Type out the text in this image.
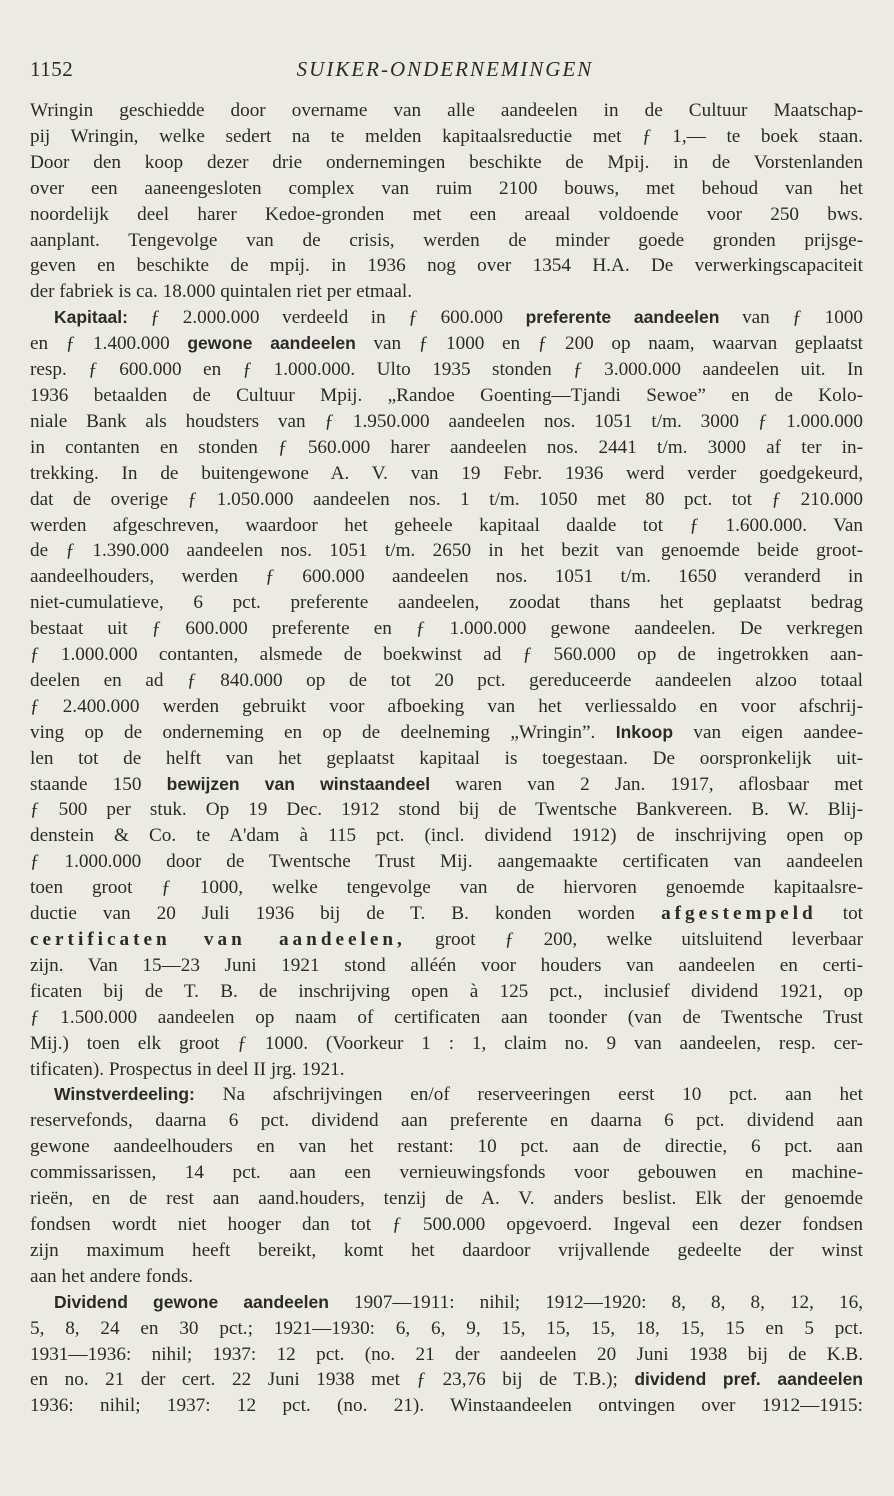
1152	SUIKER-ONDERNEMINGEN
Wringin geschiedde door overname van alle aandeelen in de Cultuur Maatschap-
pij Wringin, welke sedert na te melden kapitaalsreductie met ƒ 1,— te boek staan.
Door den koop dezer drie ondernemingen beschikte de Mpij. in de Vorstenlanden
over een aaneengesloten complex van ruim 2100 bouws, met behoud van het
noordelijk deel harer Kedoe-gronden met een areaal voldoende voor 250 bws.
aanplant. Tengevolge van de crisis, werden de minder goede gronden prijsge-
geven en beschikte de mpij. in 1936 nog over 1354 H.A. De verwerkingscapaciteit
der fabriek is ca. 18.000 quintalen riet per etmaal.
Kapitaal: ƒ 2.000.000 verdeeld in ƒ 600.000 preferente aandeelen van ƒ 1000
en ƒ 1.400.000 gewone aandeelen van ƒ 1000 en ƒ 200 op naam, waarvan geplaatst
resp. ƒ 600.000 en ƒ 1.000.000. Ulto 1935 stonden ƒ 3.000.000 aandeelen uit. In
1936 betaalden de Cultuur Mpij. „Randoe Goenting—Tjandi Sewoe” en de Kolo-
niale Bank als houdsters van ƒ 1.950.000 aandeelen nos. 1051 t/m. 3000 ƒ 1.000.000
in contanten en stonden ƒ 560.000 harer aandeelen nos. 2441 t/m. 3000 af ter in-
trekking. In de buitengewone A. V. van 19 Febr. 1936 werd verder goedgekeurd,
dat de overige ƒ 1.050.000 aandeelen nos. 1 t/m. 1050 met 80 pct. tot ƒ 210.000
werden afgeschreven, waardoor het geheele kapitaal daalde tot ƒ 1.600.000. Van
de ƒ 1.390.000 aandeelen nos. 1051 t/m. 2650 in het bezit van genoemde beide groot-
aandeelhouders, werden ƒ 600.000 aandeelen nos. 1051 t/m. 1650 veranderd in
niet-cumulatieve, 6 pct. preferente aandeelen, zoodat thans het geplaatst bedrag
bestaat uit ƒ 600.000 preferente en ƒ 1.000.000 gewone aandeelen. De verkregen
ƒ 1.000.000 contanten, alsmede de boekwinst ad ƒ 560.000 op de ingetrokken aan-
deelen en ad ƒ 840.000 op de tot 20 pct. gereduceerde aandeelen alzoo totaal
ƒ 2.400.000 werden gebruikt voor afboeking van het verliessaldo en voor afschrij-
ving op de onderneming en op de deelneming „Wringin”. Inkoop van eigen aandee-
len tot de helft van het geplaatst kapitaal is toegestaan. De oorspronkelijk uit-
staande 150 bewijzen van winstaandeel waren van 2 Jan. 1917, aflosbaar met
ƒ 500 per stuk. Op 19 Dec. 1912 stond bij de Twentsche Bankvereen. B. W. Blij-
denstein & Co. te A'dam à 115 pct. (incl. dividend 1912) de inschrijving open op
ƒ 1.000.000 door de Twentsche Trust Mij. aangemaakte certificaten van aandeelen
toen groot ƒ 1000, welke tengevolge van de hiervoren genoemde kapitaalsre-
ductie van 20 Juli 1936 bij de T. B. konden worden afgestempeld tot
certificaten van aandeelen, groot ƒ 200, welke uitsluitend leverbaar
zijn. Van 15—23 Juni 1921 stond alléén voor houders van aandeelen en certi-
ficaten bij de T. B. de inschrijving open à 125 pct., inclusief dividend 1921, op
ƒ 1.500.000 aandeelen op naam of certificaten aan toonder (van de Twentsche Trust
Mij.) toen elk groot ƒ 1000. (Voorkeur 1 : 1, claim no. 9 van aandeelen, resp. cer-
tificaten). Prospectus in deel II jrg. 1921.
Winstverdeeling: Na afschrijvingen en/of reserveeringen eerst 10 pct. aan het
reservefonds, daarna 6 pct. dividend aan preferente en daarna 6 pct. dividend aan
gewone aandeelhouders en van het restant: 10 pct. aan de directie, 6 pct. aan
commissarissen, 14 pct. aan een vernieuwingsfonds voor gebouwen en machine-
rieën, en de rest aan aand.houders, tenzij de A. V. anders beslist. Elk der genoemde
fondsen wordt niet hooger dan tot ƒ 500.000 opgevoerd. Ingeval een dezer fondsen
zijn maximum heeft bereikt, komt het daardoor vrijvallende gedeelte der winst
aan het andere fonds.
Dividend gewone aandeelen 1907—1911: nihil; 1912—1920: 8, 8, 8, 12, 16,
5, 8, 24 en 30 pct.; 1921—1930: 6, 6, 9, 15, 15, 15, 18, 15, 15 en 5 pct.
1931—1936: nihil; 1937: 12 pct. (no. 21 der aandeelen 20 Juni 1938 bij de K.B.
en no. 21 der cert. 22 Juni 1938 met ƒ 23,76 bij de T.B.); dividend pref. aandeelen
1936: nihil; 1937: 12 pct. (no. 21). Winstaandeelen ontvingen over 1912—1915:
